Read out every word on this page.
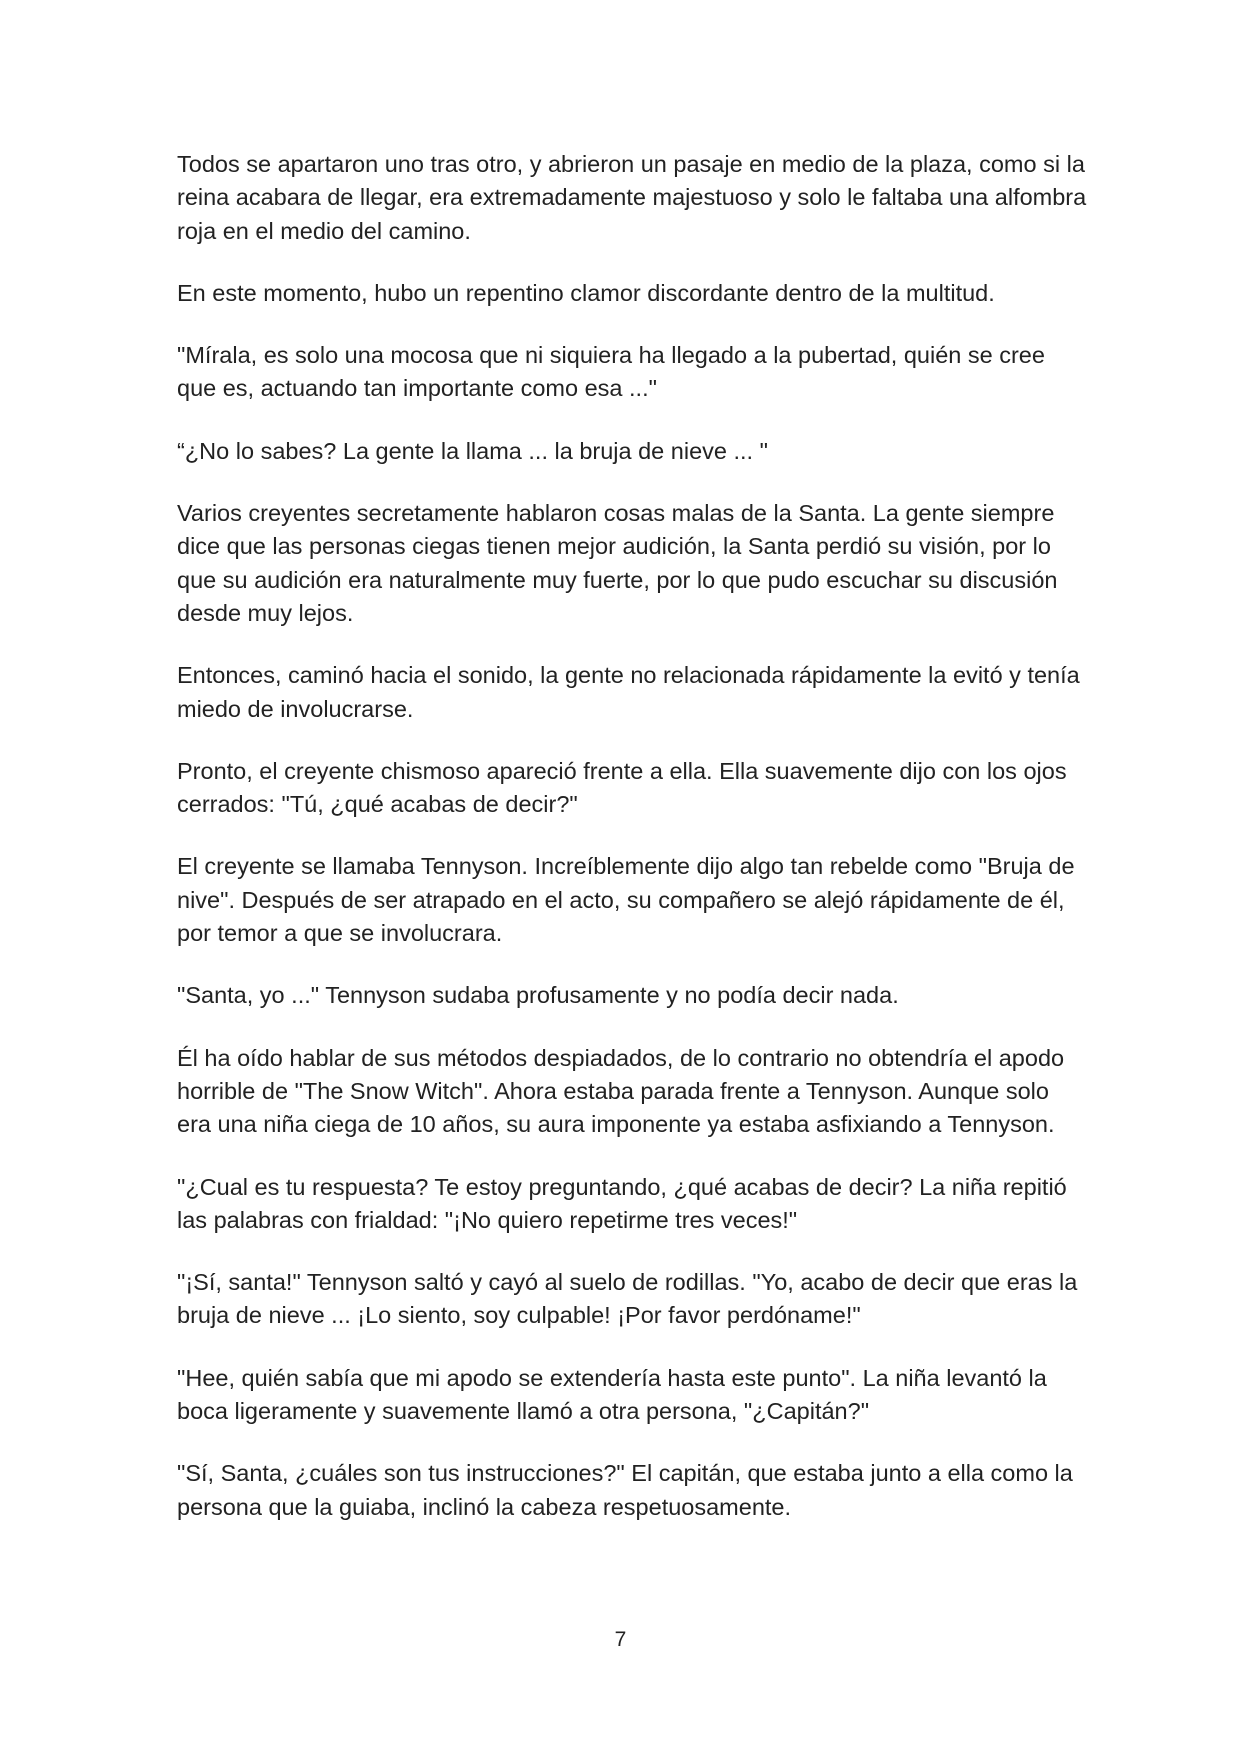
Todos se apartaron uno tras otro, y abrieron un pasaje en medio de la plaza, como si la reina acabara de llegar, era extremadamente majestuoso y solo le faltaba una alfombra roja en el medio del camino.

En este momento, hubo un repentino clamor discordante dentro de la multitud.

"Mírala, es solo una mocosa que ni siquiera ha llegado a la pubertad, quién se cree que es, actuando tan importante como esa ..."

“¿No lo sabes? La gente la llama ... la bruja de nieve ... "

Varios creyentes secretamente hablaron cosas malas de la Santa. La gente siempre dice que las personas ciegas tienen mejor audición, la Santa perdió su visión, por lo que su audición era naturalmente muy fuerte, por lo que pudo escuchar su discusión desde muy lejos.

Entonces, caminó hacia el sonido, la gente no relacionada rápidamente la evitó y tenía miedo de involucrarse.

Pronto, el creyente chismoso apareció frente a ella. Ella suavemente dijo con los ojos cerrados: "Tú, ¿qué acabas de decir?"

El creyente se llamaba Tennyson. Increíblemente dijo algo tan rebelde como "Bruja de nive". Después de ser atrapado en el acto, su compañero se alejó rápidamente de él, por temor a que se involucrara.

"Santa, yo ..." Tennyson sudaba profusamente y no podía decir nada.

Él ha oído hablar de sus métodos despiadados, de lo contrario no obtendría el apodo horrible de "The Snow Witch". Ahora estaba parada frente a Tennyson. Aunque solo era una niña ciega de 10 años, su aura imponente ya estaba asfixiando a Tennyson.

"¿Cual es tu respuesta? Te estoy preguntando, ¿qué acabas de decir? La niña repitió las palabras con frialdad: "¡No quiero repetirme tres veces!"

"¡Sí, santa!" Tennyson saltó y cayó al suelo de rodillas. "Yo, acabo de decir que eras la bruja de nieve ... ¡Lo siento, soy culpable! ¡Por favor perdóname!"

"Hee, quién sabía que mi apodo se extendería hasta este punto". La niña levantó la boca ligeramente y suavemente llamó a otra persona, "¿Capitán?"

"Sí, Santa, ¿cuáles son tus instrucciones?" El capitán, que estaba junto a ella como la persona que la guiaba, inclinó la cabeza respetuosamente.

7
